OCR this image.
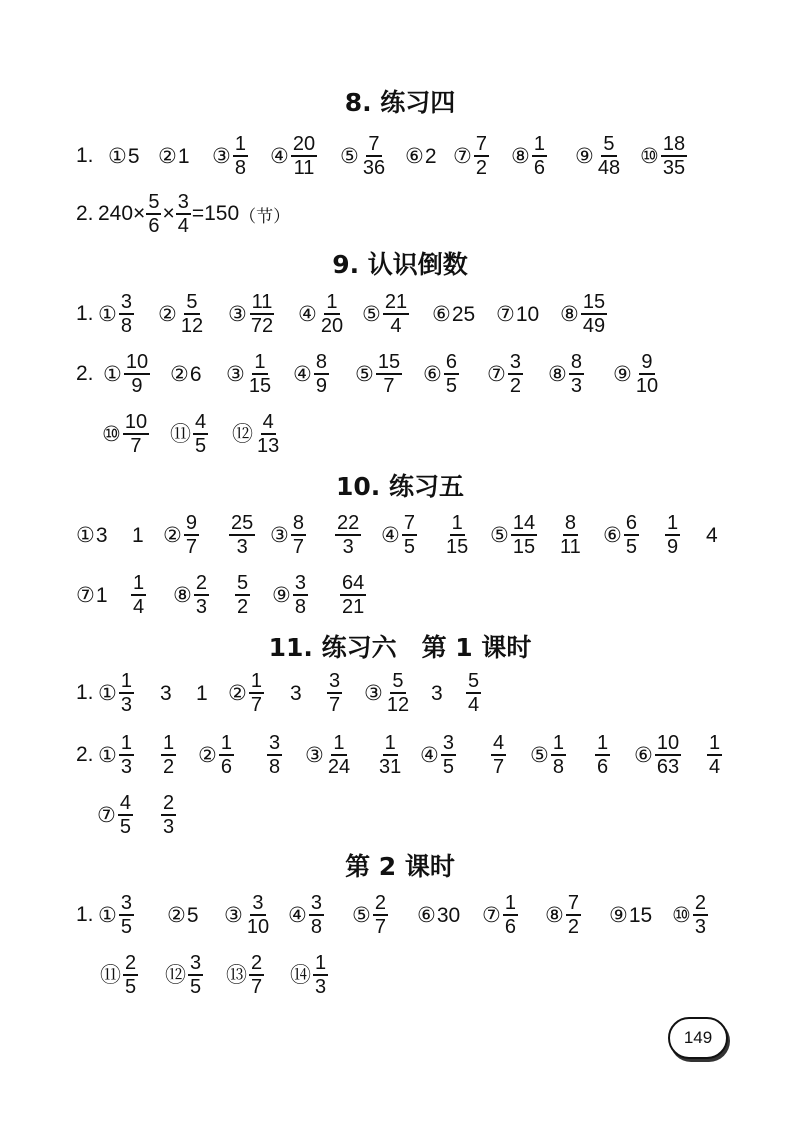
8. 练习四
1. ① 5 ② 1 ③ $\frac{1}{8}$ ④ $\frac{20}{11}$ ⑤ $\frac{7}{36}$ ⑥ 2 ⑦ $\frac{7}{2}$ ⑧ $\frac{1}{6}$ ⑨ $\frac{5}{48}$ ⑩ $\frac{18}{35}$
2. $240 \times \frac{5}{6} \times \frac{3}{4} = 150$ （节）
9. 认识倒数
1. ① $\frac{3}{8}$ ② $\frac{5}{12}$ ③ $\frac{11}{72}$ ④ $\frac{1}{20}$ ⑤ $\frac{21}{4}$ ⑥ 25 ⑦ 10 ⑧ $\frac{15}{49}$
2. ① $\frac{10}{9}$ ② 6 ③ $\frac{1}{15}$ ④ $\frac{8}{9}$ ⑤ $\frac{15}{7}$ ⑥ $\frac{6}{5}$ ⑦ $\frac{3}{2}$ ⑧ $\frac{8}{3}$ ⑨ $\frac{9}{10}$
⑩ $\frac{10}{7}$ ⑪ $\frac{4}{5}$ ⑫ $\frac{4}{13}$
10. 练习五
① 3 1 ② $\frac{9}{7} \frac{25}{3}$ ③ $\frac{8}{7} \frac{22}{3}$ ④ $\frac{7}{5} \frac{1}{15}$ ⑤ $\frac{14}{15} \frac{8}{11}$ ⑥ $\frac{6}{5} \frac{1}{9} 4$
⑦ $1 \frac{1}{4}$ ⑧ $\frac{2}{3} \frac{5}{2}$ ⑨ $\frac{3}{8} \frac{64}{21}$
11. 练习六　第 1 课时
1. ① $\frac{1}{3} 3$ 1 ② $\frac{1}{7} 3 \frac{3}{7}$ ③ $\frac{5}{12} 3 \frac{5}{4}$
2. ① $\frac{1}{3} \frac{1}{2}$ ② $\frac{1}{6} \frac{3}{8}$ ③ $\frac{1}{24} \frac{1}{31}$ ④ $\frac{3}{5} \frac{4}{7}$ ⑤ $\frac{1}{8} \frac{1}{6}$ ⑥ $\frac{10}{63} \frac{1}{4}$
⑦ $\frac{4}{5} \frac{2}{3}$
第 2 课时
1. ① $\frac{3}{5}$ ② 5 ③ $\frac{3}{10}$ ④ $\frac{3}{8}$ ⑤ $\frac{2}{7}$ ⑥ 30 ⑦ $\frac{1}{6}$ ⑧ $\frac{7}{2}$ ⑨ 15 ⑩ $\frac{2}{3}$
⑪ $\frac{2}{5}$ ⑫ $\frac{3}{5}$ ⑬ $\frac{2}{7}$ ⑭ $\frac{1}{3}$
149
